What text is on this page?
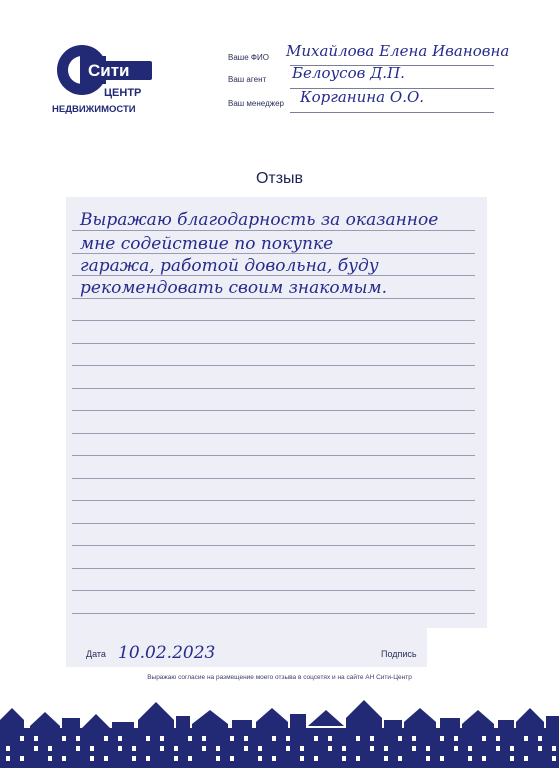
Сити
ЦЕНТР
НЕДВИЖИМОСТИ
Ваше ФИО Михайлова Елена Ивановна
Ваш агент Белоусов Д.П.
Ваш менеджер Корганина О.О.
Отзыв
Выражаю благодарность за оказанное
мне содействие по покупке
гаража, работой довольна, буду
рекомендовать своим знакомым.
Дата 10.02.2023	Подпись
Выражаю согласие на размещение моего отзыва в соцсетях и на сайте АН Сити-Центр
